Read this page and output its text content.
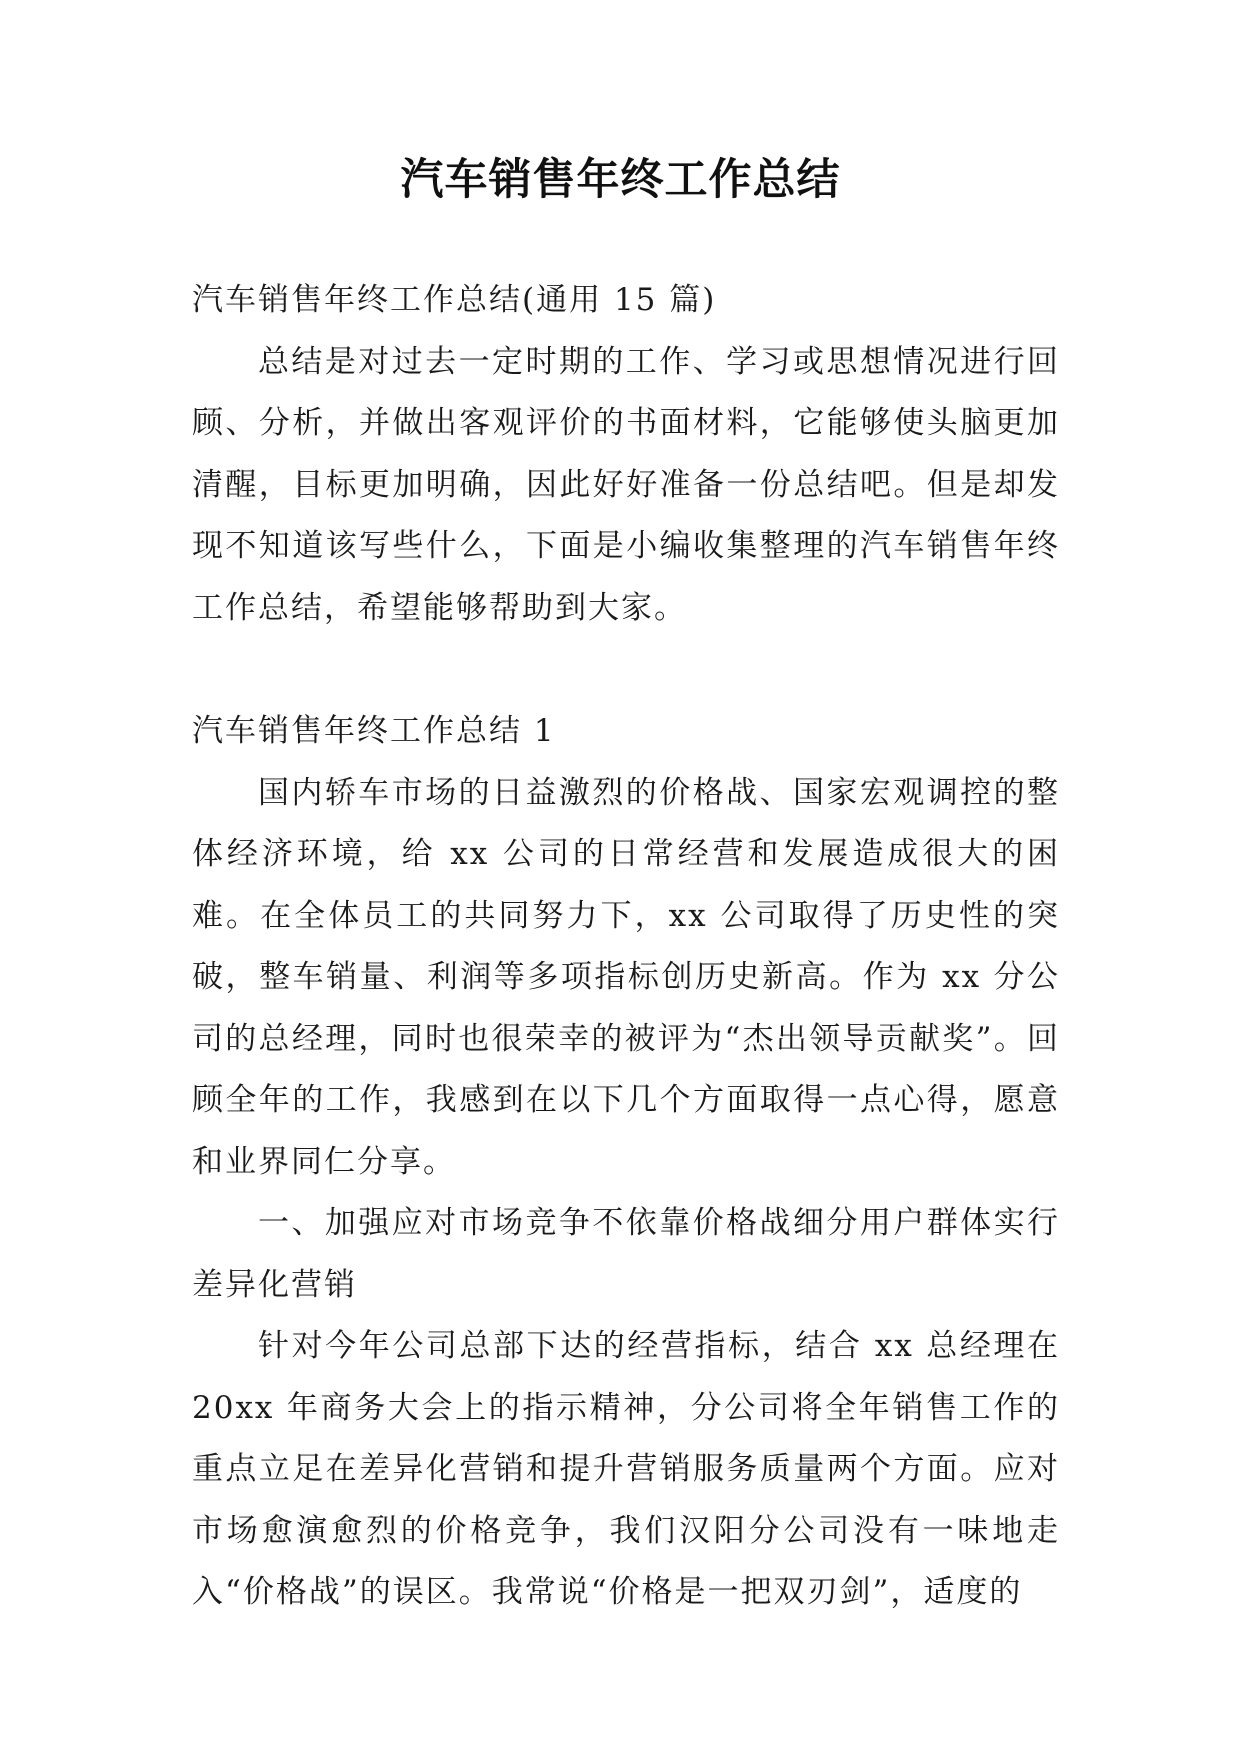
汽车销售年终工作总结

汽车销售年终工作总结(通用 15 篇)

总结是对过去一定时期的工作、学习或思想情况进行回顾、分析，并做出客观评价的书面材料，它能够使头脑更加清醒，目标更加明确，因此好好准备一份总结吧。但是却发现不知道该写些什么，下面是小编收集整理的汽车销售年终工作总结，希望能够帮助到大家。

汽车销售年终工作总结 1

国内轿车市场的日益激烈的价格战、国家宏观调控的整体经济环境，给 xx 公司的日常经营和发展造成很大的困难。在全体员工的共同努力下，xx 公司取得了历史性的突破，整车销量、利润等多项指标创历史新高。作为 xx 分公司的总经理，同时也很荣幸的被评为“杰出领导贡献奖”。回顾全年的工作，我感到在以下几个方面取得一点心得，愿意和业界同仁分享。

一、加强应对市场竞争不依靠价格战细分用户群体实行差异化营销

针对今年公司总部下达的经营指标，结合 xx 总经理在20xx 年商务大会上的指示精神，分公司将全年销售工作的重点立足在差异化营销和提升营销服务质量两个方面。应对市场愈演愈烈的价格竞争，我们汉阳分公司没有一味地走入“价格战”的误区。我常说“价格是一把双刃剑”，适度的
